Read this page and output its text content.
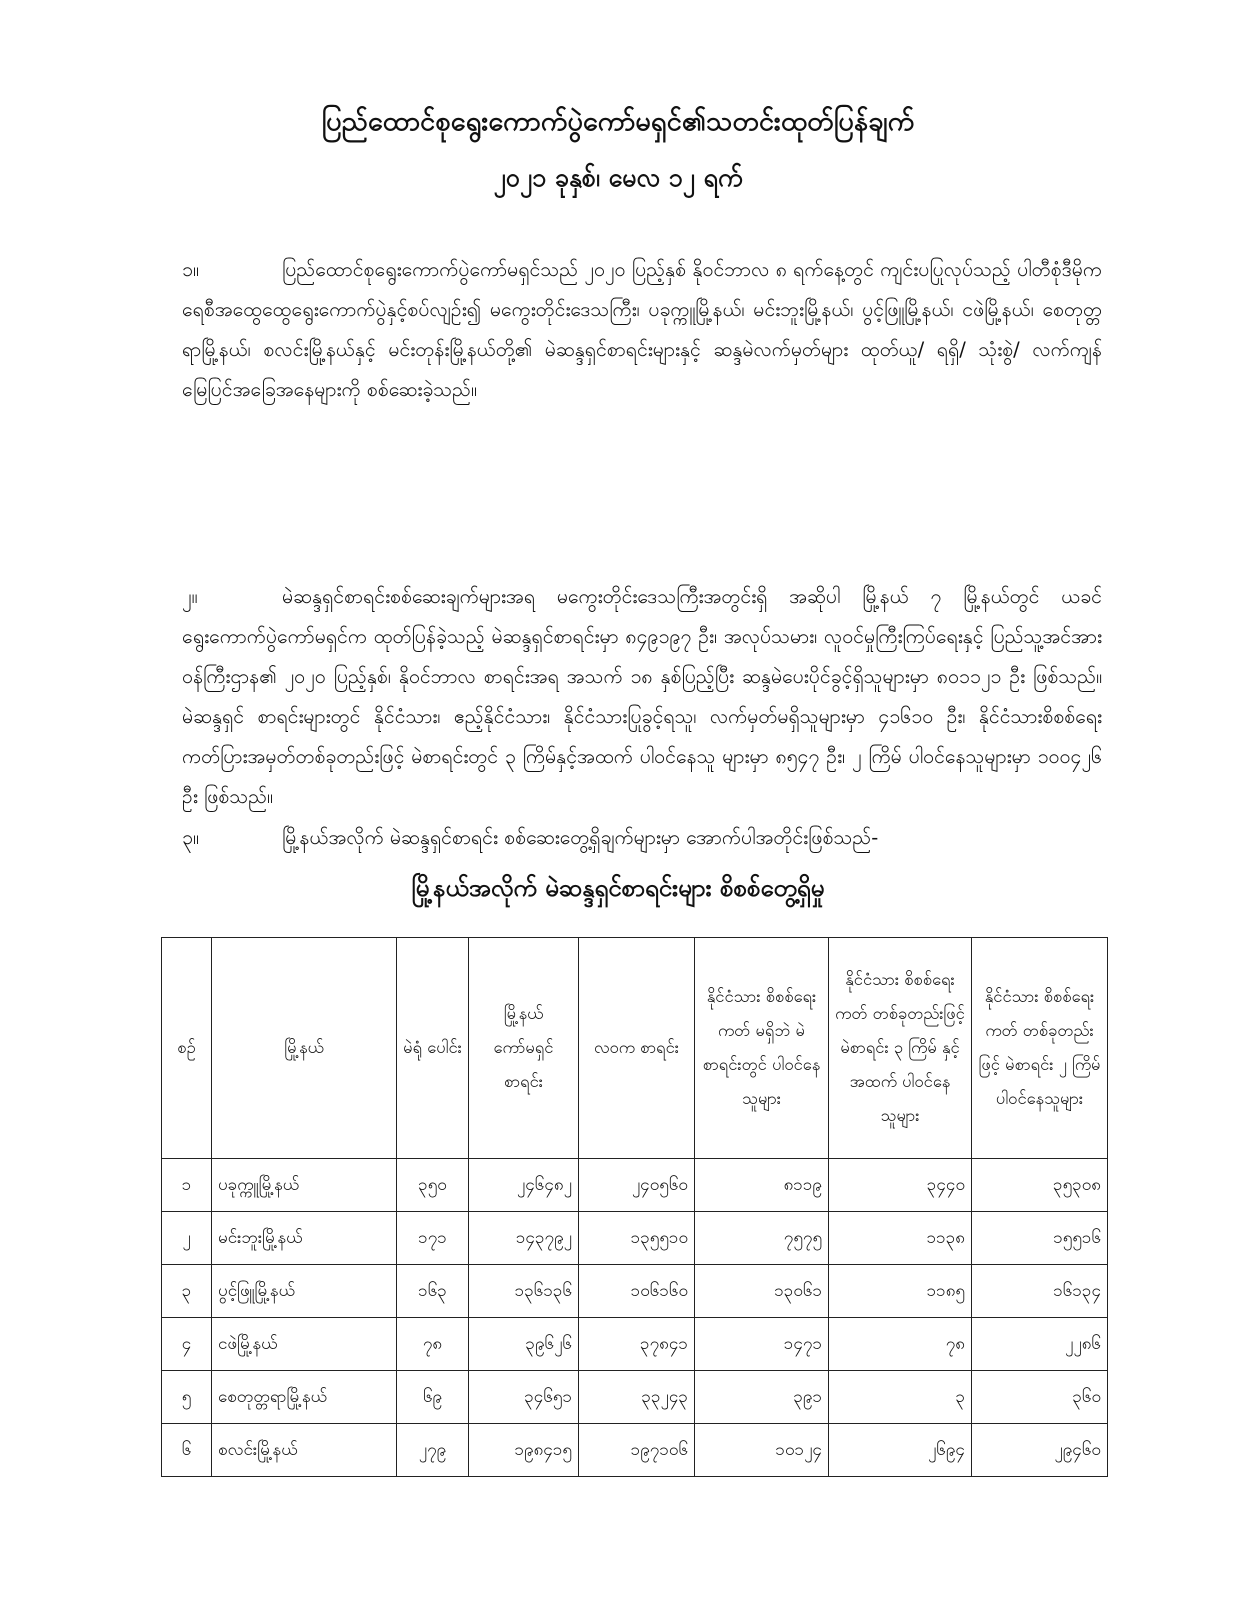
ပြည်ထောင်စုရွေးကောက်ပွဲကော်မရှင်၏သတင်းထုတ်ပြန်ချက်
၂၀၂၁ ခုနှစ်၊ မေလ ၁၂ ရက်
၁။	ပြည်ထောင်စုရွေးကောက်ပွဲကော်မရှင်သည် ၂၀၂၀ ပြည့်နှစ် နိုဝင်ဘာလ ၈ ရက်နေ့တွင် ကျင်းပပြုလုပ်သည့် ပါတီစုံဒီမိုကရေစီအထွေထွေရွေးကောက်ပွဲနှင့်စပ်လျဉ်း၍ မကွေးတိုင်းဒေသကြီး၊ ပခုက္ကူမြို့နယ်၊ မင်းဘူးမြို့နယ်၊ ပွင့်ဖြူမြို့နယ်၊ ငဖဲမြို့နယ်၊ စေတုတ္တရာမြို့နယ်၊ စလင်းမြို့နယ်နှင့် မင်းတုန်းမြို့နယ်တို့၏ မဲဆန္ဒရှင်စာရင်းများနှင့် ဆန္ဒမဲလက်မှတ်များ ထုတ်ယူ/ ရရှိ/ သုံးစွဲ/ လက်ကျန် မြေပြင်အခြေအနေများကို စစ်ဆေးခဲ့သည်။
၂။	မဲဆန္ဒရှင်စာရင်းစစ်ဆေးချက်များအရ မကွေးတိုင်းဒေသကြီးအတွင်းရှိ အဆိုပါ မြို့နယ် ၇ မြို့နယ်တွင် ယခင် ရွေးကောက်ပွဲကော်မရှင်က ထုတ်ပြန်ခဲ့သည့် မဲဆန္ဒရှင်စာရင်းမှာ ၈၄၉၁၉၇ ဦး၊ အလုပ်သမား၊ လူဝင်မှုကြီးကြပ်ရေးနှင့် ပြည်သူ့အင်အားဝန်ကြီးဌာန၏ ၂၀၂၀ ပြည့်နှစ်၊ နိုဝင်ဘာလ စာရင်းအရ အသက် ၁၈ နှစ်ပြည့်ပြီး ဆန္ဒမဲပေးပိုင်ခွင့်ရှိသူများမှာ ၈၀၁၁၂၁ ဦး ဖြစ်သည်။ မဲဆန္ဒရှင် စာရင်းများတွင် နိုင်ငံသား၊ ဧည့်နိုင်ငံသား၊ နိုင်ငံသားပြုခွင့်ရသူ၊ လက်မှတ်မရှိသူများမှာ ၄၁၆၁၀ ဦး၊ နိုင်ငံသားစိစစ်ရေးကတ်ပြားအမှတ်တစ်ခုတည်းဖြင့် မဲစာရင်းတွင် ၃ ကြိမ်နှင့်အထက် ပါဝင်နေသူ များမှာ ၈၅၄၇ ဦး၊ ၂ ကြိမ် ပါဝင်နေသူများမှာ ၁၀၀၄၂၆ ဦး ဖြစ်သည်။
၃။	မြို့နယ်အလိုက် မဲဆန္ဒရှင်စာရင်း စစ်ဆေးတွေ့ရှိချက်များမှာ အောက်ပါအတိုင်းဖြစ်သည်-
မြို့နယ်အလိုက် မဲဆန္ဒရှင်စာရင်းများ စိစစ်တွေ့ရှိမှု
စဉ်	မြို့နယ်	မဲရုံ ပေါင်း	မြို့နယ် ကော်မရှင် စာရင်း	လဝက စာရင်း	နိုင်ငံသား စိစစ်ရေးကတ် မရှိဘဲ မဲစာရင်းတွင် ပါဝင်နေသူများ	နိုင်ငံသား စိစစ်ရေးကတ် တစ်ခုတည်းဖြင့် မဲစာရင်း ၃ ကြိမ် နှင့်အထက် ပါဝင်နေသူများ	နိုင်ငံသား စိစစ်ရေးကတ် တစ်ခုတည်းဖြင့် မဲစာရင်း ၂ ကြိမ် ပါဝင်နေသူများ
၁	ပခုက္ကူမြို့နယ်	၃၅၀	၂၄၆၄၈၂	၂၄၀၅၆၀	၈၁၁၉	၃၄၄၀	၃၅၃၀၈
၂	မင်းဘူးမြို့နယ်	၁၇၁	၁၄၃၇၉၂	၁၃၅၅၁၀	၇၅၇၅	၁၁၃၈	၁၅၅၁၆
၃	ပွင့်ဖြူမြို့နယ်	၁၆၃	၁၃၆၁၃၆	၁၀၆၁၆၀	၁၃၀၆၁	၁၁၈၅	၁၆၁၃၄
၄	ငဖဲမြို့နယ်	၇၈	၃၉၆၂၆	၃၇၈၄၁	၁၄၇၁	၇၈	၂၂၈၆
၅	စေတုတ္တရာမြို့နယ်	၆၉	၃၄၆၅၁	၃၃၂၄၃	၃၉၁	၃	၃၆၀
၆	စလင်းမြို့နယ်	၂၇၉	၁၉၈၄၁၅	၁၉၇၁၀၆	၁၀၁၂၄	၂၆၉၄	၂၉၄၆၀
